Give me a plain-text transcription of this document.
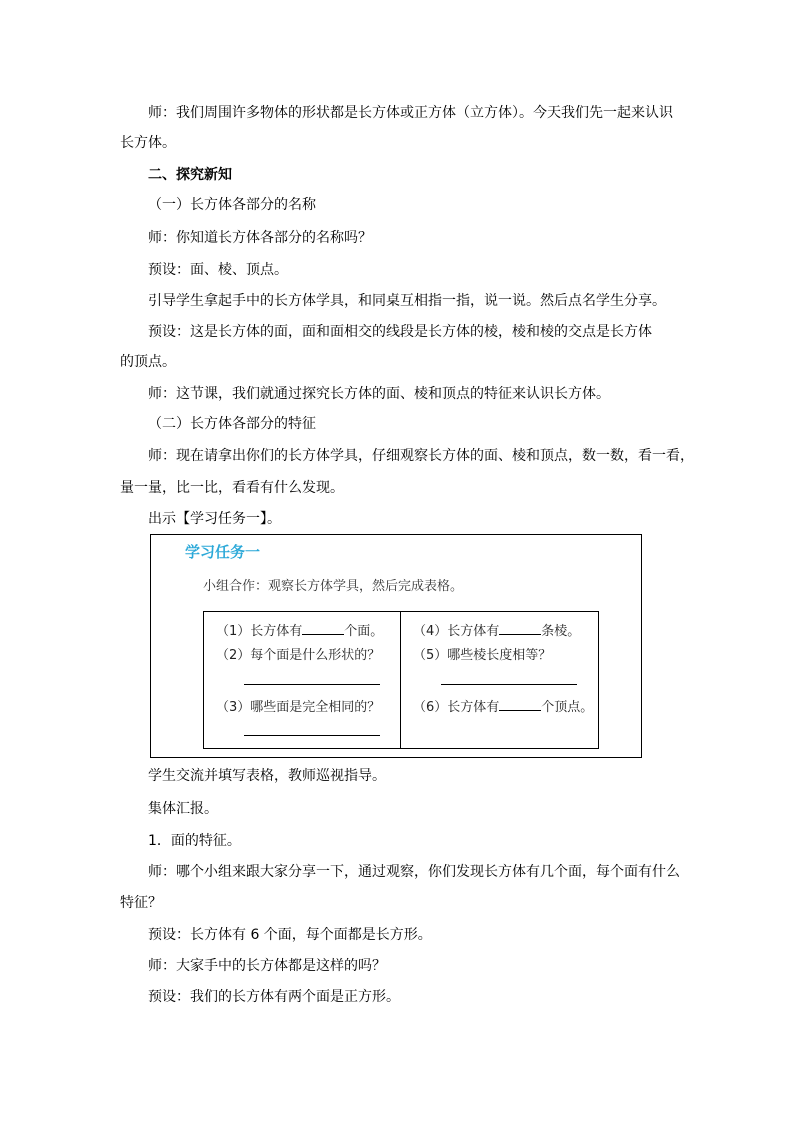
师：我们周围许多物体的形状都是长方体或正方体（立方体）。今天我们先一起来认识
长方体。
二、探究新知
（一）长方体各部分的名称
师：你知道长方体各部分的名称吗？
预设：面、棱、顶点。
引导学生拿起手中的长方体学具，和同桌互相指一指，说一说。然后点名学生分享。
预设：这是长方体的面，面和面相交的线段是长方体的棱，棱和棱的交点是长方体
的顶点。
师：这节课，我们就通过探究长方体的面、棱和顶点的特征来认识长方体。
（二）长方体各部分的特征
师：现在请拿出你们的长方体学具，仔细观察长方体的面、棱和顶点，数一数，看一看，
量一量，比一比，看看有什么发现。
出示【学习任务一】。
学习任务一
小组合作：观察长方体学具，然后完成表格。
（1）长方体有	个面。
（2）每个面是什么形状的？
（3）哪些面是完全相同的？
（4）长方体有	条棱。
（5）哪些棱长度相等？
（6）长方体有	个顶点。
学生交流并填写表格，教师巡视指导。
集体汇报。
1．面的特征。
师：哪个小组来跟大家分享一下，通过观察，你们发现长方体有几个面，每个面有什么
特征？
预设：长方体有 6 个面，每个面都是长方形。
师：大家手中的长方体都是这样的吗？
预设：我们的长方体有两个面是正方形。
